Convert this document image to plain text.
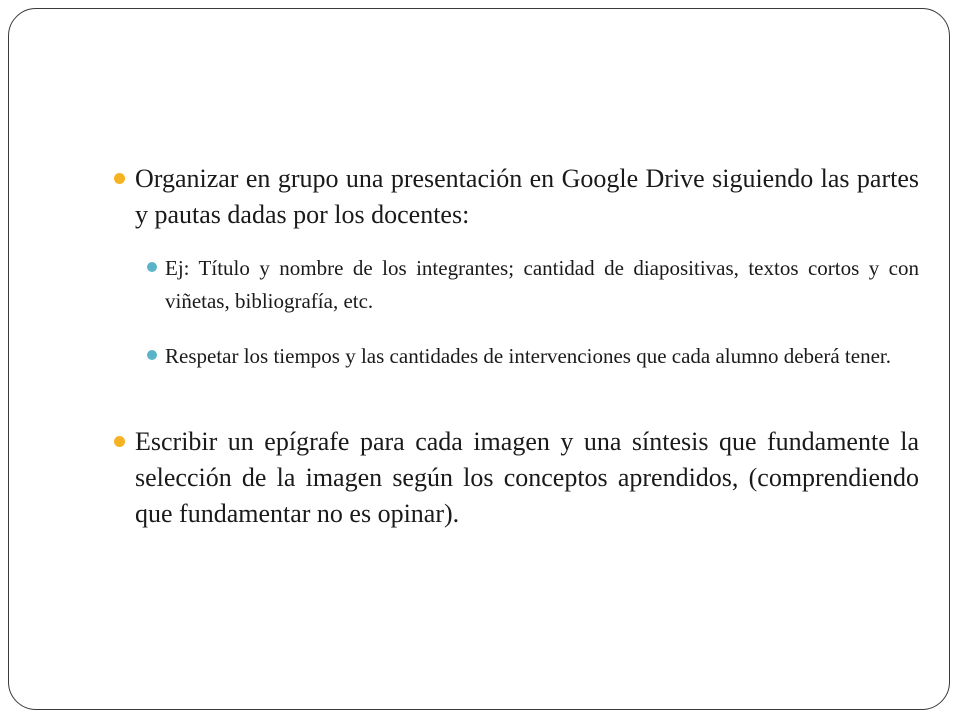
Organizar en grupo una presentación en Google Drive siguiendo las partes y pautas dadas por los docentes:
Ej: Título y nombre de los integrantes; cantidad de diapositivas, textos cortos y con viñetas, bibliografía, etc.
Respetar los tiempos y las cantidades de intervenciones que cada alumno deberá tener.
Escribir un epígrafe para cada imagen y una síntesis que fundamente la selección de la imagen según los conceptos aprendidos, (comprendiendo que fundamentar no es opinar).
